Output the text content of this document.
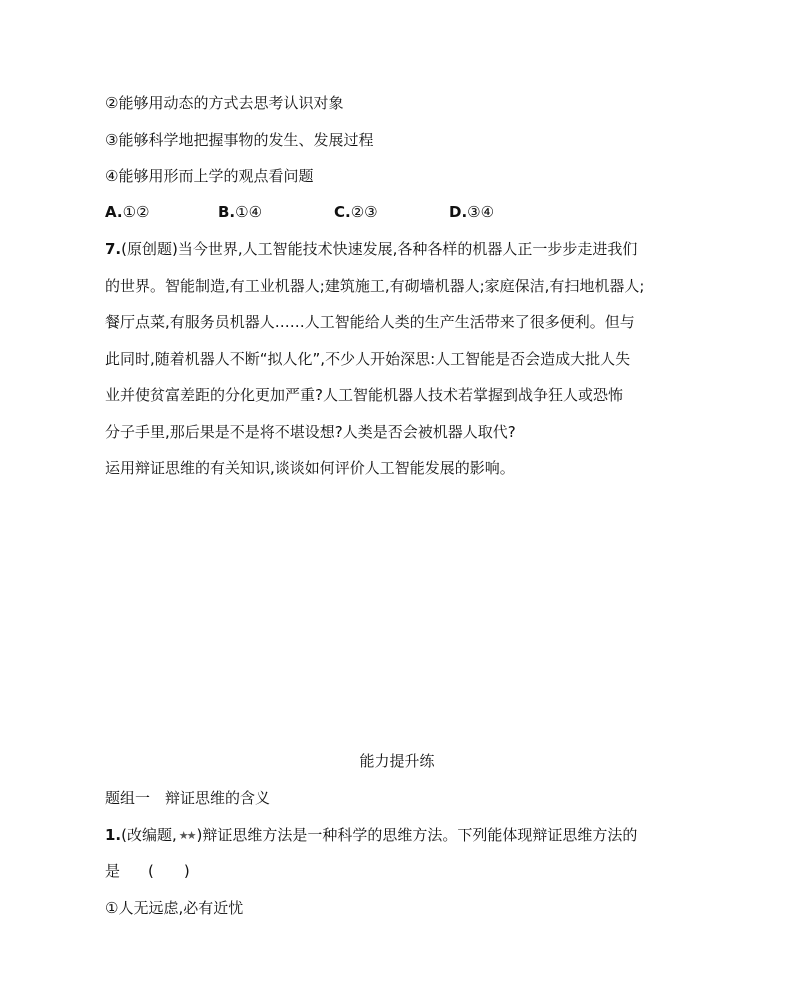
②能够用动态的方式去思考认识对象
③能够科学地把握事物的发生、发展过程
④能够用形而上学的观点看问题
A.①②	B.①④	C.②③	D.③④
7.(原创题)当今世界,人工智能技术快速发展,各种各样的机器人正一步步走进我们
的世界。智能制造,有工业机器人;建筑施工,有砌墙机器人;家庭保洁,有扫地机器人;
餐厅点菜,有服务员机器人……人工智能给人类的生产生活带来了很多便利。但与
此同时,随着机器人不断“拟人化”,不少人开始深思:人工智能是否会造成大批人失
业并使贫富差距的分化更加严重?人工智能机器人技术若掌握到战争狂人或恐怖
分子手里,那后果是不是将不堪设想?人类是否会被机器人取代?
运用辩证思维的有关知识,谈谈如何评价人工智能发展的影响。
能力提升练
题组一　辩证思维的含义
1.(改编题, ★★ )辩证思维方法是一种科学的思维方法。下列能体现辩证思维方法的
是 (　　)
①人无远虑,必有近忧
